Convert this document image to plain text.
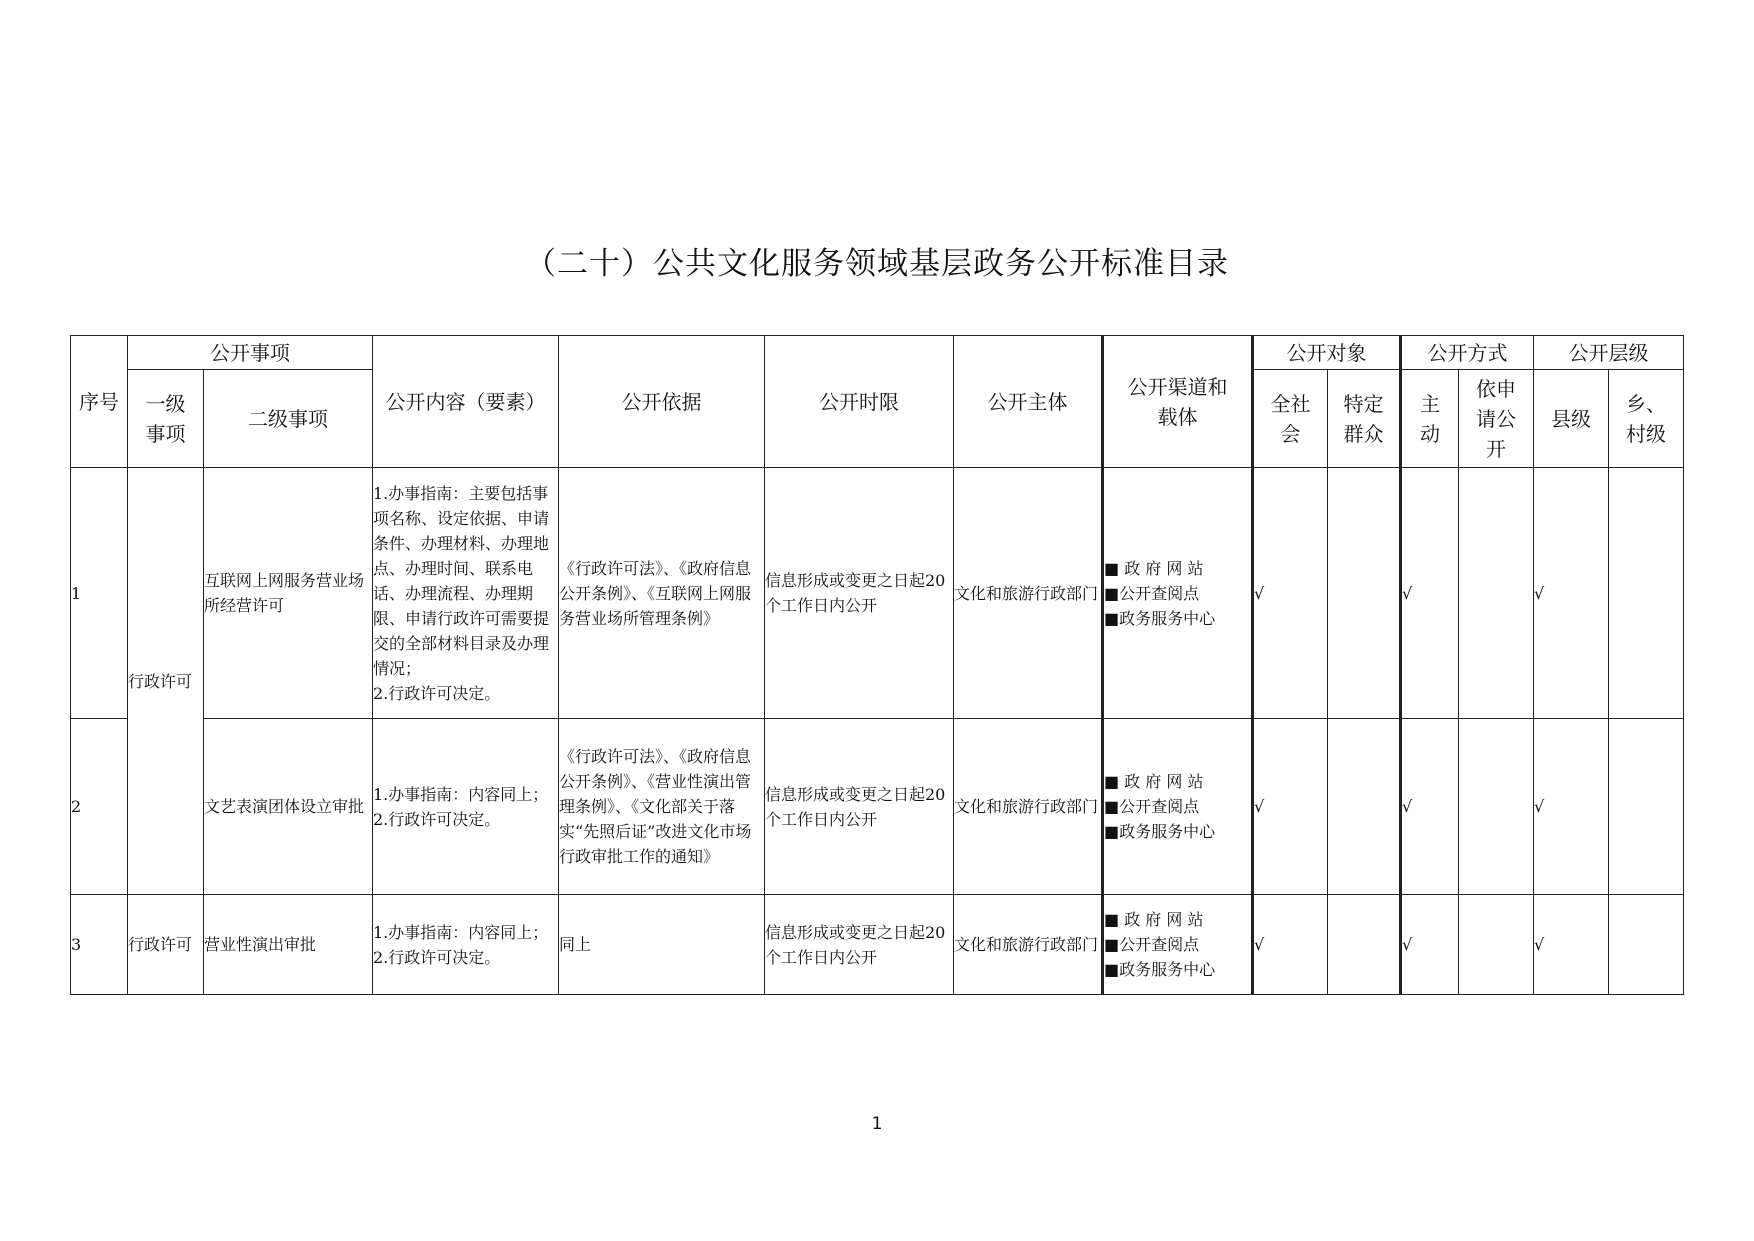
（二十）公共文化服务领域基层政务公开标准目录
序号	公开事项		公开内容（要素）	公开依据	公开时限	公开主体	公开渠道和载体	公开对象		公开方式		公开层级	
	一级事项	二级事项						全社会	特定群众	主动	依申请公开	县级	乡、村级
1	行政许可	互联网上网服务营业场所经营许可	1.办事指南：主要包括事项名称、设定依据、申请条件、办理材料、办理地点、办理时间、联系电话、办理流程、办理期限、申请行政许可需要提交的全部材料目录及办理情况；
2.行政许可决定。	《行政许可法》、《政府信息公开条例》、《互联网上网服务营业场所管理条例》	信息形成或变更之日起20个工作日内公开	文化和旅游行政部门	■ 政 府 网 站
■公开查阅点
■政务服务中心	√		√		√	
2		文艺表演团体设立审批	1.办事指南：内容同上；
2.行政许可决定。	《行政许可法》、《政府信息公开条例》、《营业性演出管理条例》、《文化部关于落实“先照后证”改进文化市场行政审批工作的通知》	信息形成或变更之日起20个工作日内公开	文化和旅游行政部门	■ 政 府 网 站
■公开查阅点
■政务服务中心	√		√		√	
3	行政许可	营业性演出审批	1.办事指南：内容同上；
2.行政许可决定。	同上	信息形成或变更之日起20个工作日内公开	文化和旅游行政部门	■ 政 府 网 站
■公开查阅点
■政务服务中心	√		√		√	
1
